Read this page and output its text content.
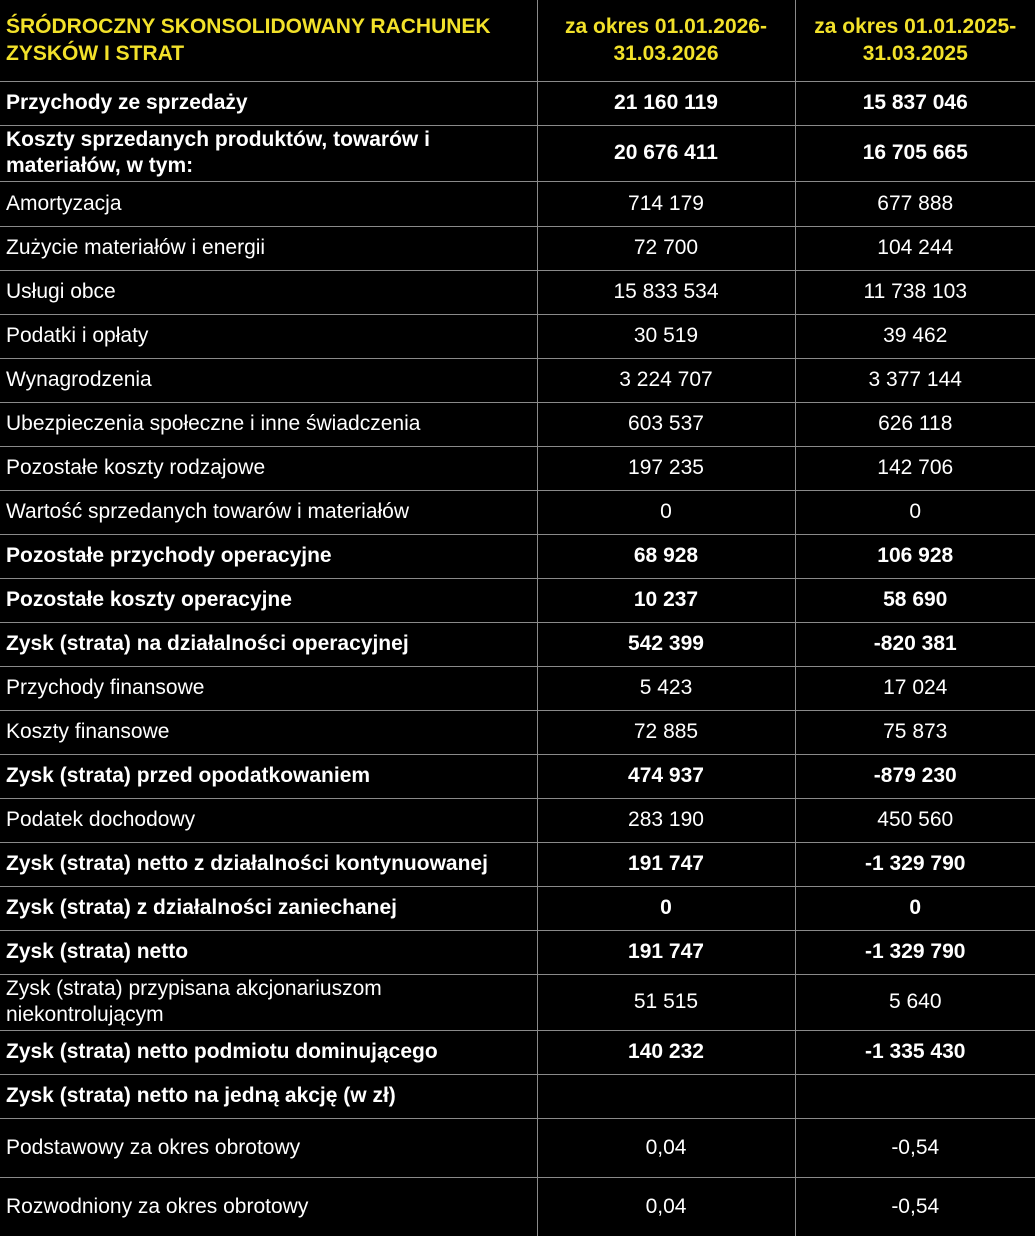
ŚRÓDROCZNY SKONSOLIDOWANY RACHUNEK ZYSKÓW I STRAT	za okres 01.01.2026-31.03.2026	za okres 01.01.2025-31.03.2025
Przychody ze sprzedaży	21 160 119	15 837 046
Koszty sprzedanych produktów, towarów i materiałów, w tym:	20 676 411	16 705 665
Amortyzacja	714 179	677 888
Zużycie materiałów i energii	72 700	104 244
Usługi obce	15 833 534	11 738 103
Podatki i opłaty	30 519	39 462
Wynagrodzenia	3 224 707	3 377 144
Ubezpieczenia społeczne i inne świadczenia	603 537	626 118
Pozostałe koszty rodzajowe	197 235	142 706
Wartość sprzedanych towarów i materiałów	0	0
Pozostałe przychody operacyjne	68 928	106 928
Pozostałe koszty operacyjne	10 237	58 690
Zysk (strata) na działalności operacyjnej	542 399	-820 381
Przychody finansowe	5 423	17 024
Koszty finansowe	72 885	75 873
Zysk (strata) przed opodatkowaniem	474 937	-879 230
Podatek dochodowy	283 190	450 560
Zysk (strata) netto z działalności kontynuowanej	191 747	-1 329 790
Zysk (strata) z działalności zaniechanej	0	0
Zysk (strata) netto	191 747	-1 329 790
Zysk (strata) przypisana akcjonariuszom niekontrolującym	51 515	5 640
Zysk (strata) netto podmiotu dominującego	140 232	-1 335 430
Zysk (strata) netto na jedną akcję (w zł)		
Podstawowy za okres obrotowy	0,04	-0,54
Rozwodniony za okres obrotowy	0,04	-0,54
